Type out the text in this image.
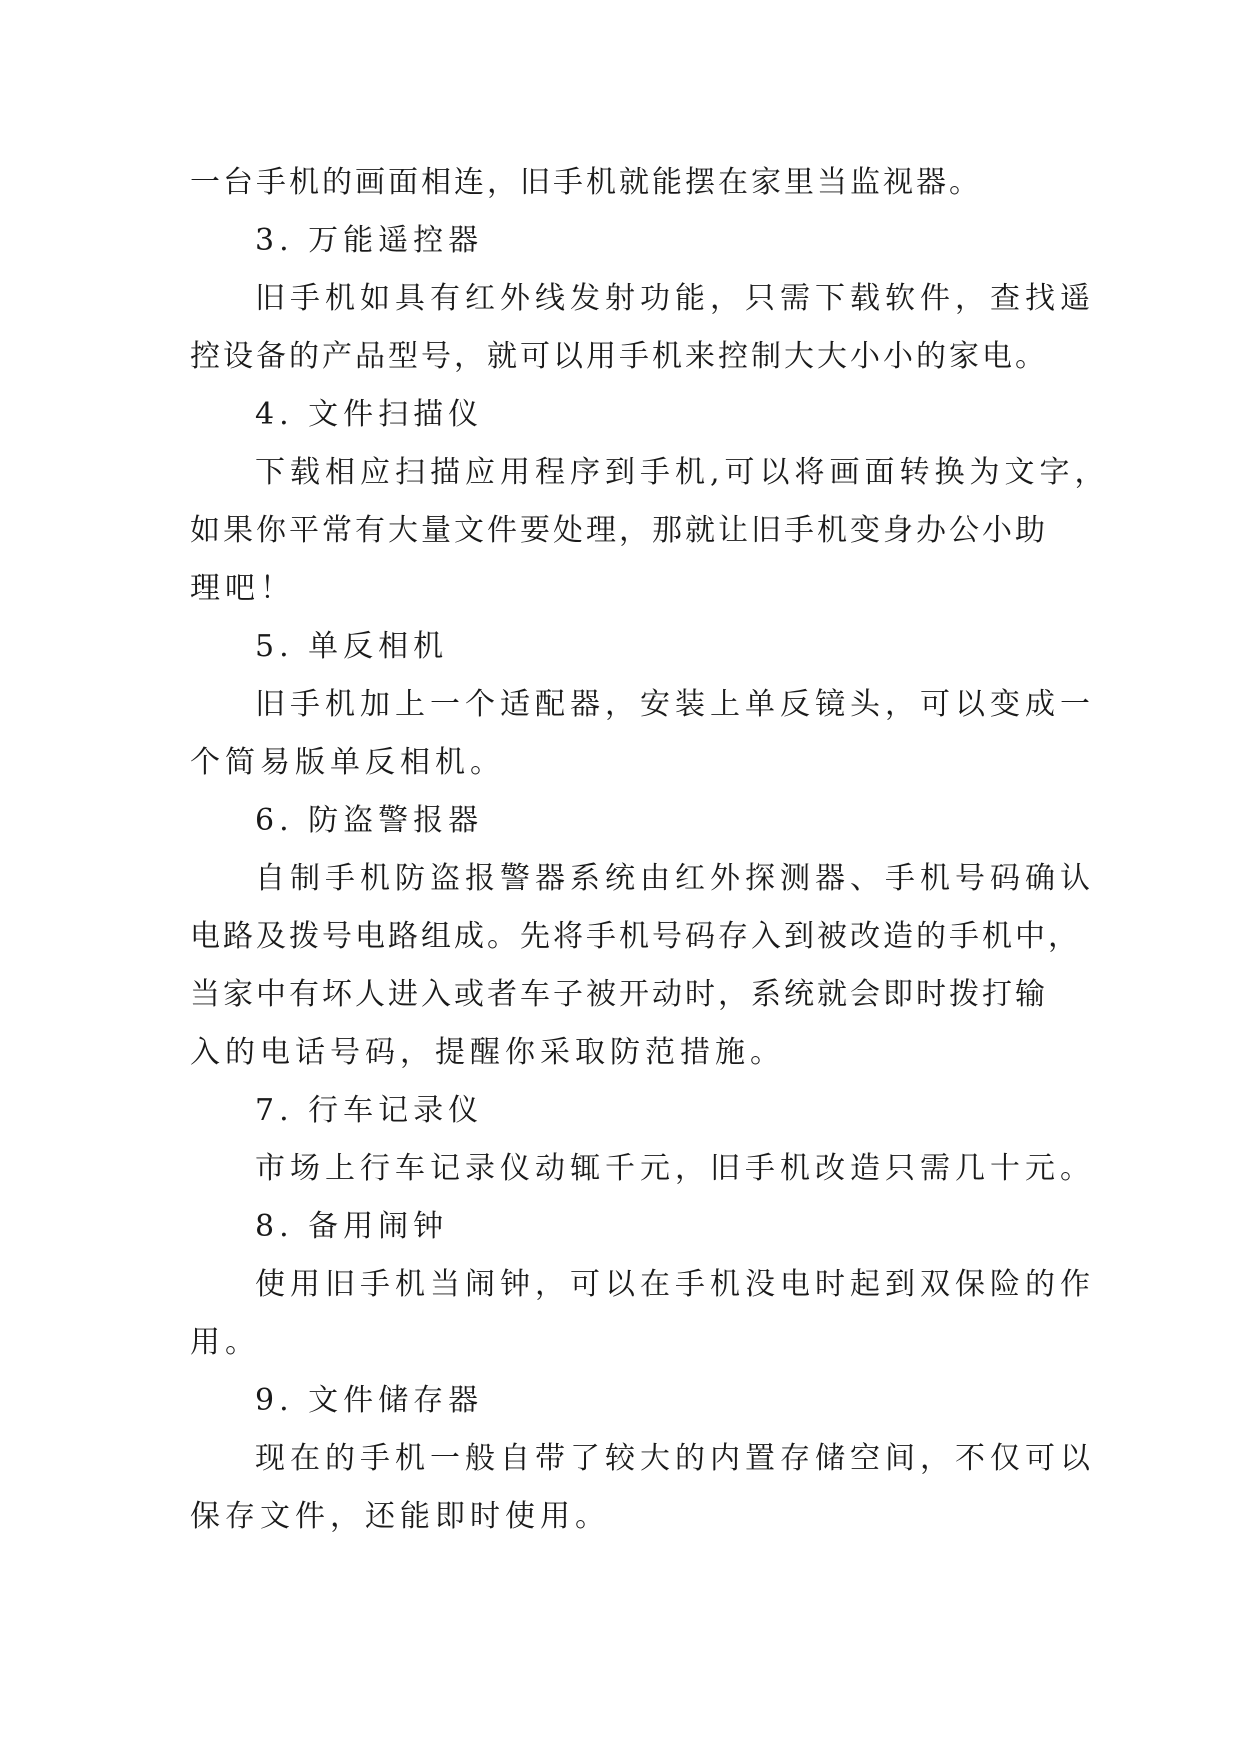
一台手机的画面相连，旧手机就能摆在家里当监视器。
3. 万能遥控器
旧手机如具有红外线发射功能，只需下载软件，查找遥
控设备的产品型号，就可以用手机来控制大大小小的家电。
4. 文件扫描仪
下载相应扫描应用程序到手机,可以将画面转换为文字，
如果你平常有大量文件要处理，那就让旧手机变身办公小助
理吧！
5. 单反相机
旧手机加上一个适配器，安装上单反镜头，可以变成一
个简易版单反相机。
6. 防盗警报器
自制手机防盗报警器系统由红外探测器、手机号码确认
电路及拨号电路组成。先将手机号码存入到被改造的手机中，
当家中有坏人进入或者车子被开动时，系统就会即时拨打输
入的电话号码，提醒你采取防范措施。
7. 行车记录仪
市场上行车记录仪动辄千元，旧手机改造只需几十元。
8. 备用闹钟
使用旧手机当闹钟，可以在手机没电时起到双保险的作
用。
9. 文件储存器
现在的手机一般自带了较大的内置存储空间，不仅可以
保存文件，还能即时使用。
